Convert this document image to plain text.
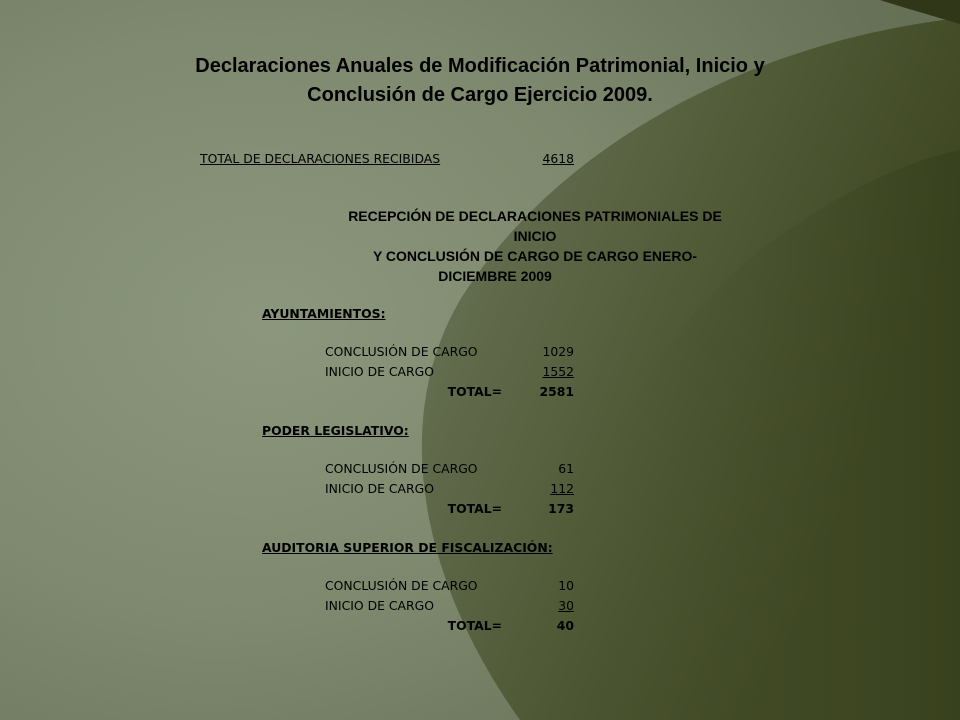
Declaraciones Anuales de Modificación Patrimonial, Inicio y
Conclusión de Cargo Ejercicio 2009.
TOTAL DE DECLARACIONES RECIBIDAS	4618
RECEPCIÓN DE DECLARACIONES PATRIMONIALES DE
INICIO
Y CONCLUSIÓN DE CARGO DE CARGO ENERO-
DICIEMBRE 2009
AYUNTAMIENTOS:
CONCLUSIÓN DE CARGO	1029
INICIO DE CARGO	1552
TOTAL=	2581
PODER LEGISLATIVO:
CONCLUSIÓN DE CARGO	61
INICIO DE CARGO	112
TOTAL=	173
AUDITORIA SUPERIOR DE FISCALIZACIÓN:
CONCLUSIÓN DE CARGO	10
INICIO DE CARGO	30
TOTAL=	40
